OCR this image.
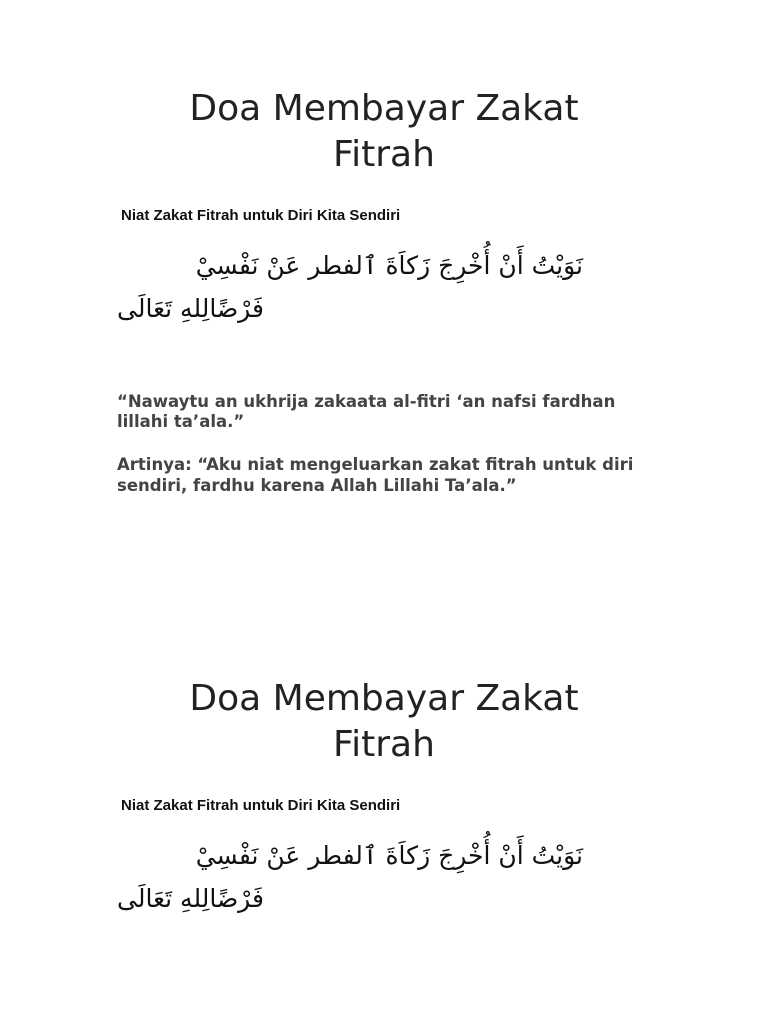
Doa Membayar Zakat Fitrah
Niat Zakat Fitrah untuk Diri Kita Sendiri
نَوَيْتُ أَنْ أُخْرِجَ زَكاَةَ ٱلفطر عَنْ نَفْسِيْ
فَرْضًالِلهِ تَعَالَى
“Nawaytu an ukhrija zakaata al-fitri ‘an nafsi fardhan lillahi ta’ala.”
Artinya: “Aku niat mengeluarkan zakat fitrah untuk diri sendiri, fardhu karena Allah Lillahi Ta’ala.”
Doa Membayar Zakat Fitrah
Niat Zakat Fitrah untuk Diri Kita Sendiri
نَوَيْتُ أَنْ أُخْرِجَ زَكاَةَ ٱلفطر عَنْ نَفْسِيْ
فَرْضًالِلهِ تَعَالَى
